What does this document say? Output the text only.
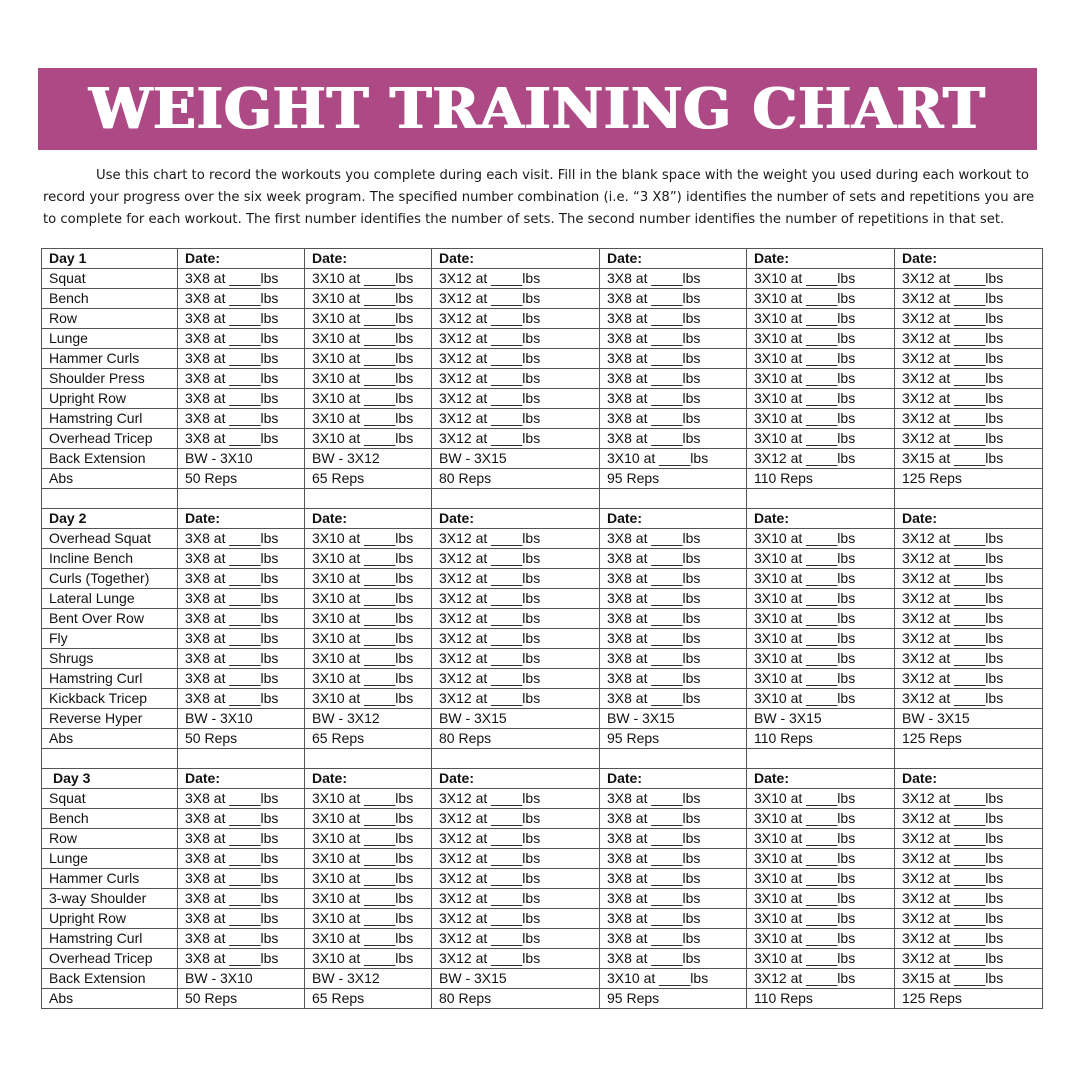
WEIGHT TRAINING CHART

Use this chart to record the workouts you complete during each visit. Fill in the blank space with the weight you used during each workout to record your progress over the six week program. The specified number combination (i.e. “3 X8”) identifies the number of sets and repetitions you are to complete for each workout. The first number identifies the number of sets. The second number identifies the number of repetitions in that set.

Day 1	Date:	Date:	Date:	Date:	Date:	Date:
Squat	3X8 at ____lbs	3X10 at ____lbs	3X12 at ____lbs	3X8 at ____lbs	3X10 at ____lbs	3X12 at ____lbs
Bench	3X8 at ____lbs	3X10 at ____lbs	3X12 at ____lbs	3X8 at ____lbs	3X10 at ____lbs	3X12 at ____lbs
Row	3X8 at ____lbs	3X10 at ____lbs	3X12 at ____lbs	3X8 at ____lbs	3X10 at ____lbs	3X12 at ____lbs
Lunge	3X8 at ____lbs	3X10 at ____lbs	3X12 at ____lbs	3X8 at ____lbs	3X10 at ____lbs	3X12 at ____lbs
Hammer Curls	3X8 at ____lbs	3X10 at ____lbs	3X12 at ____lbs	3X8 at ____lbs	3X10 at ____lbs	3X12 at ____lbs
Shoulder Press	3X8 at ____lbs	3X10 at ____lbs	3X12 at ____lbs	3X8 at ____lbs	3X10 at ____lbs	3X12 at ____lbs
Upright Row	3X8 at ____lbs	3X10 at ____lbs	3X12 at ____lbs	3X8 at ____lbs	3X10 at ____lbs	3X12 at ____lbs
Hamstring Curl	3X8 at ____lbs	3X10 at ____lbs	3X12 at ____lbs	3X8 at ____lbs	3X10 at ____lbs	3X12 at ____lbs
Overhead Tricep	3X8 at ____lbs	3X10 at ____lbs	3X12 at ____lbs	3X8 at ____lbs	3X10 at ____lbs	3X12 at ____lbs
Back Extension	BW - 3X10	BW - 3X12	BW - 3X15	3X10 at ____lbs	3X12 at ____lbs	3X15 at ____lbs
Abs	50 Reps	65 Reps	80 Reps	95 Reps	110 Reps	125 Reps

Day 2	Date:	Date:	Date:	Date:	Date:	Date:
Overhead Squat	3X8 at ____lbs	3X10 at ____lbs	3X12 at ____lbs	3X8 at ____lbs	3X10 at ____lbs	3X12 at ____lbs
Incline Bench	3X8 at ____lbs	3X10 at ____lbs	3X12 at ____lbs	3X8 at ____lbs	3X10 at ____lbs	3X12 at ____lbs
Curls (Together)	3X8 at ____lbs	3X10 at ____lbs	3X12 at ____lbs	3X8 at ____lbs	3X10 at ____lbs	3X12 at ____lbs
Lateral Lunge	3X8 at ____lbs	3X10 at ____lbs	3X12 at ____lbs	3X8 at ____lbs	3X10 at ____lbs	3X12 at ____lbs
Bent Over Row	3X8 at ____lbs	3X10 at ____lbs	3X12 at ____lbs	3X8 at ____lbs	3X10 at ____lbs	3X12 at ____lbs
Fly	3X8 at ____lbs	3X10 at ____lbs	3X12 at ____lbs	3X8 at ____lbs	3X10 at ____lbs	3X12 at ____lbs
Shrugs	3X8 at ____lbs	3X10 at ____lbs	3X12 at ____lbs	3X8 at ____lbs	3X10 at ____lbs	3X12 at ____lbs
Hamstring Curl	3X8 at ____lbs	3X10 at ____lbs	3X12 at ____lbs	3X8 at ____lbs	3X10 at ____lbs	3X12 at ____lbs
Kickback Tricep	3X8 at ____lbs	3X10 at ____lbs	3X12 at ____lbs	3X8 at ____lbs	3X10 at ____lbs	3X12 at ____lbs
Reverse Hyper	BW - 3X10	BW - 3X12	BW - 3X15	BW - 3X15	BW - 3X15	BW - 3X15
Abs	50 Reps	65 Reps	80 Reps	95 Reps	110 Reps	125 Reps

Day 3	Date:	Date:	Date:	Date:	Date:	Date:
Squat	3X8 at ____lbs	3X10 at ____lbs	3X12 at ____lbs	3X8 at ____lbs	3X10 at ____lbs	3X12 at ____lbs
Bench	3X8 at ____lbs	3X10 at ____lbs	3X12 at ____lbs	3X8 at ____lbs	3X10 at ____lbs	3X12 at ____lbs
Row	3X8 at ____lbs	3X10 at ____lbs	3X12 at ____lbs	3X8 at ____lbs	3X10 at ____lbs	3X12 at ____lbs
Lunge	3X8 at ____lbs	3X10 at ____lbs	3X12 at ____lbs	3X8 at ____lbs	3X10 at ____lbs	3X12 at ____lbs
Hammer Curls	3X8 at ____lbs	3X10 at ____lbs	3X12 at ____lbs	3X8 at ____lbs	3X10 at ____lbs	3X12 at ____lbs
3-way Shoulder	3X8 at ____lbs	3X10 at ____lbs	3X12 at ____lbs	3X8 at ____lbs	3X10 at ____lbs	3X12 at ____lbs
Upright Row	3X8 at ____lbs	3X10 at ____lbs	3X12 at ____lbs	3X8 at ____lbs	3X10 at ____lbs	3X12 at ____lbs
Hamstring Curl	3X8 at ____lbs	3X10 at ____lbs	3X12 at ____lbs	3X8 at ____lbs	3X10 at ____lbs	3X12 at ____lbs
Overhead Tricep	3X8 at ____lbs	3X10 at ____lbs	3X12 at ____lbs	3X8 at ____lbs	3X10 at ____lbs	3X12 at ____lbs
Back Extension	BW - 3X10	BW - 3X12	BW - 3X15	3X10 at ____lbs	3X12 at ____lbs	3X15 at ____lbs
Abs	50 Reps	65 Reps	80 Reps	95 Reps	110 Reps	125 Reps
